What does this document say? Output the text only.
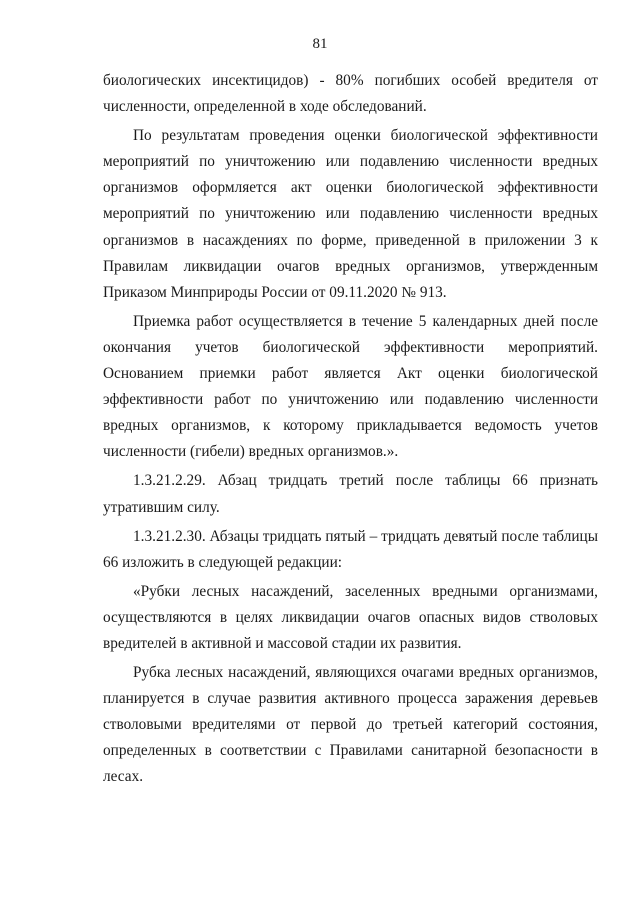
81

биологических инсектицидов) - 80% погибших особей вредителя от численности, определенной в ходе обследований.

По результатам проведения оценки биологической эффективности мероприятий по уничтожению или подавлению численности вредных организмов оформляется акт оценки биологической эффективности мероприятий по уничтожению или подавлению численности вредных организмов в насаждениях по форме, приведенной в приложении 3 к Правилам ликвидации очагов вредных организмов, утвержденным Приказом Минприроды России от 09.11.2020 № 913.

Приемка работ осуществляется в течение 5 календарных дней после окончания учетов биологической эффективности мероприятий. Основанием приемки работ является Акт оценки биологической эффективности работ по уничтожению или подавлению численности вредных организмов, к которому прикладывается ведомость учетов численности (гибели) вредных организмов.».

1.3.21.2.29. Абзац тридцать третий после таблицы 66 признать утратившим силу.

1.3.21.2.30. Абзацы тридцать пятый – тридцать девятый после таблицы 66 изложить в следующей редакции:

«Рубки лесных насаждений, заселенных вредными организмами, осуществляются в целях ликвидации очагов опасных видов стволовых вредителей в активной и массовой стадии их развития.

Рубка лесных насаждений, являющихся очагами вредных организмов, планируется в случае развития активного процесса заражения деревьев стволовыми вредителями от первой до третьей категорий состояния, определенных в соответствии с Правилами санитарной безопасности в лесах.
